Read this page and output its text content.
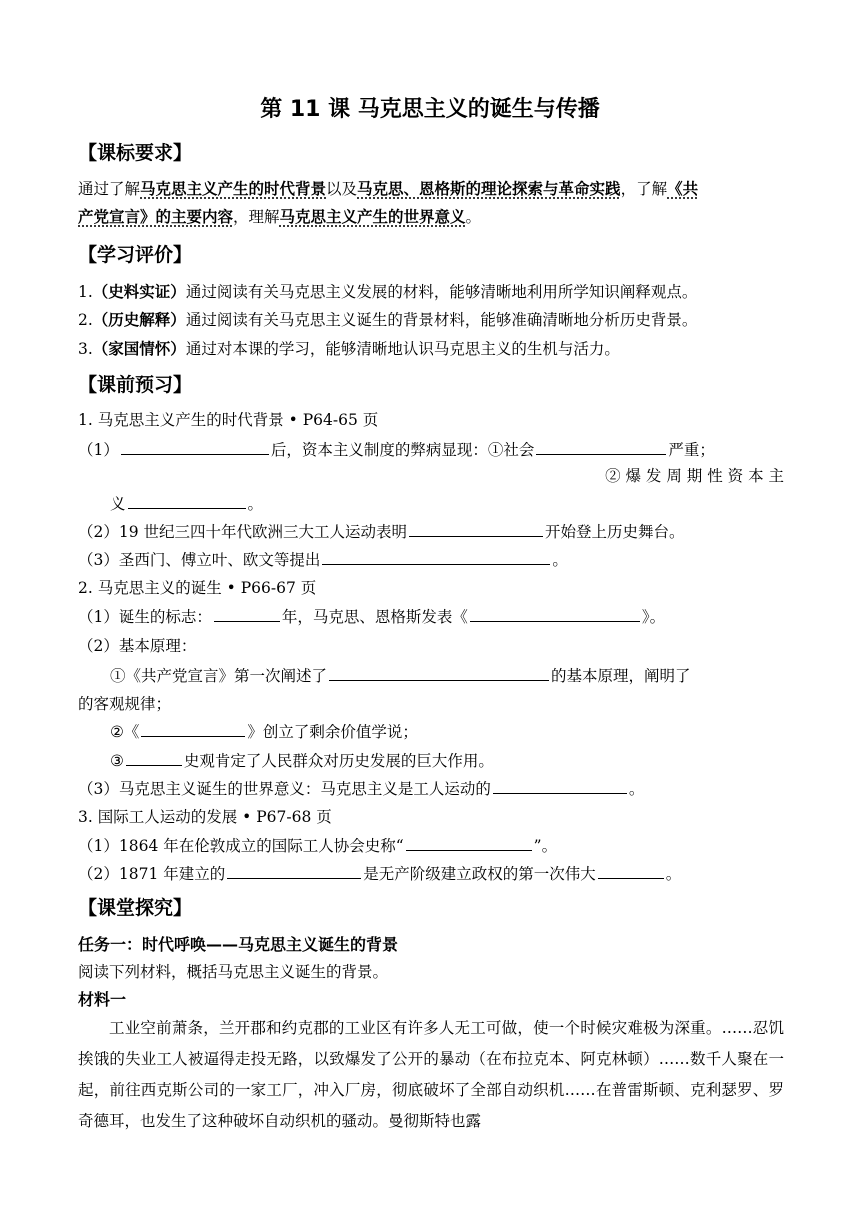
第 11 课 马克思主义的诞生与传播
【课标要求】
通过了解马克思主义产生的时代背景以及马克思、恩格斯的理论探索与革命实践，了解《共
产党宣言》的主要内容，理解马克思主义产生的世界意义。
【学习评价】
1.（史料实证）通过阅读有关马克思主义发展的材料，能够清晰地利用所学知识阐释观点。
2.（历史解释）通过阅读有关马克思主义诞生的背景材料，能够准确清晰地分析历史背景。
3.（家国情怀）通过对本课的学习，能够清晰地认识马克思主义的生机与活力。
【课前预习】
1. 马克思主义产生的时代背景 • P64-65 页
（1）	后，资本主义制度的弊病显现：①社会	严重；
② 爆 发 周 期 性 资 本 主
义	。
（2）19 世纪三四十年代欧洲三大工人运动表明	开始登上历史舞台。
（3）圣西门、傅立叶、欧文等提出	。
2. 马克思主义的诞生 • P66-67 页
（1）诞生的标志：	年，马克思、恩格斯发表《	》。
（2）基本原理：
①《共产党宣言》第一次阐述了	的基本原理，阐明了
的客观规律；
②《	》创立了剩余价值学说；
③	史观肯定了人民群众对历史发展的巨大作用。
（3）马克思主义诞生的世界意义：马克思主义是工人运动的	。
3. 国际工人运动的发展 • P67-68 页
（1）1864 年在伦敦成立的国际工人协会史称“	”。
（2）1871 年建立的	是无产阶级建立政权的第一次伟大	。
【课堂探究】
任务一：时代呼唤——马克思主义诞生的背景
阅读下列材料，概括马克思主义诞生的背景。
材料一
工业空前萧条，兰开郡和约克郡的工业区有许多人无工可做，使一个时候灾难极为深重。……忍饥挨饿的失业工人被逼得走投无路，以致爆发了公开的暴动（在布拉克本、阿克林顿）……数千人聚在一起，前往西克斯公司的一家工厂，冲入厂房，彻底破坏了全部自动织机……在普雷斯顿、克利瑟罗、罗奇德耳，也发生了这种破坏自动织机的骚动。曼彻斯特也露
